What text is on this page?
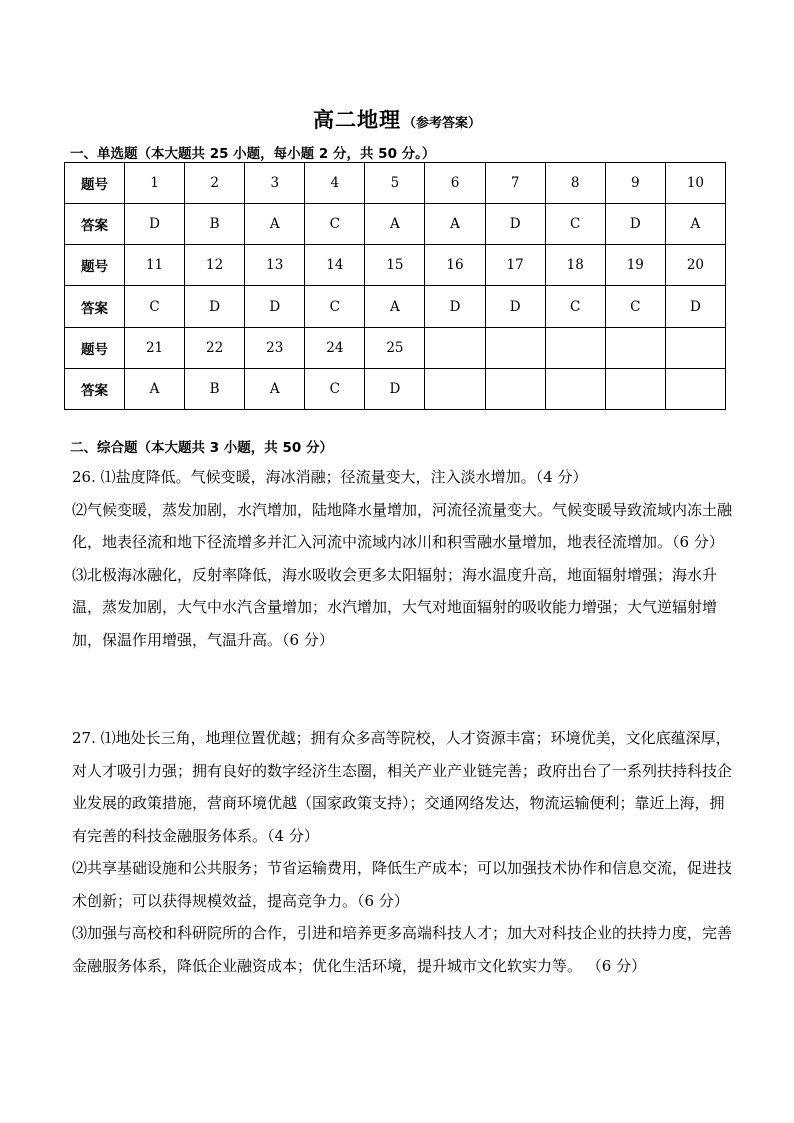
高二地理 （参考答案）
一、单选题（本大题共 25 小题，每小题 2 分，共 50 分。）
题号	1	2	3	4	5	6	7	8	9	10
答案	D	B	A	C	A	A	D	C	D	A
题号	11	12	13	14	15	16	17	18	19	20
答案	C	D	D	C	A	D	D	C	C	D
题号	21	22	23	24	25					
答案	A	B	A	C	D					
二、综合题（本大题共 3 小题，共 50 分）

26. ⑴盐度降低。气候变暖，海冰消融；径流量变大，注入淡水增加。（4 分）

⑵气候变暖，蒸发加剧，水汽增加，陆地降水量增加，河流径流量变大。气候变暖导致流域内冻土融化，地表径流和地下径流增多并汇入河流中流域内冰川和积雪融水量增加，地表径流增加。（6 分）

⑶北极海冰融化，反射率降低，海水吸收会更多太阳辐射；海水温度升高，地面辐射增强；海水升温，蒸发加剧，大气中水汽含量增加；水汽增加，大气对地面辐射的吸收能力增强；大气逆辐射增加，保温作用增强，气温升高。（6 分）

27. ⑴地处长三角，地理位置优越；拥有众多高等院校，人才资源丰富；环境优美，文化底蕴深厚，对人才吸引力强；拥有良好的数字经济生态圈，相关产业产业链完善；政府出台了一系列扶持科技企业发展的政策措施，营商环境优越（国家政策支持）；交通网络发达，物流运输便利；靠近上海，拥有完善的科技金融服务体系。（4 分）

⑵共享基础设施和公共服务；节省运输费用，降低生产成本；可以加强技术协作和信息交流，促进技术创新；可以获得规模效益，提高竞争力。（6 分）

⑶加强与高校和科研院所的合作，引进和培养更多高端科技人才；加大对科技企业的扶持力度，完善金融服务体系，降低企业融资成本；优化生活环境，提升城市文化软实力等。 （6 分）
